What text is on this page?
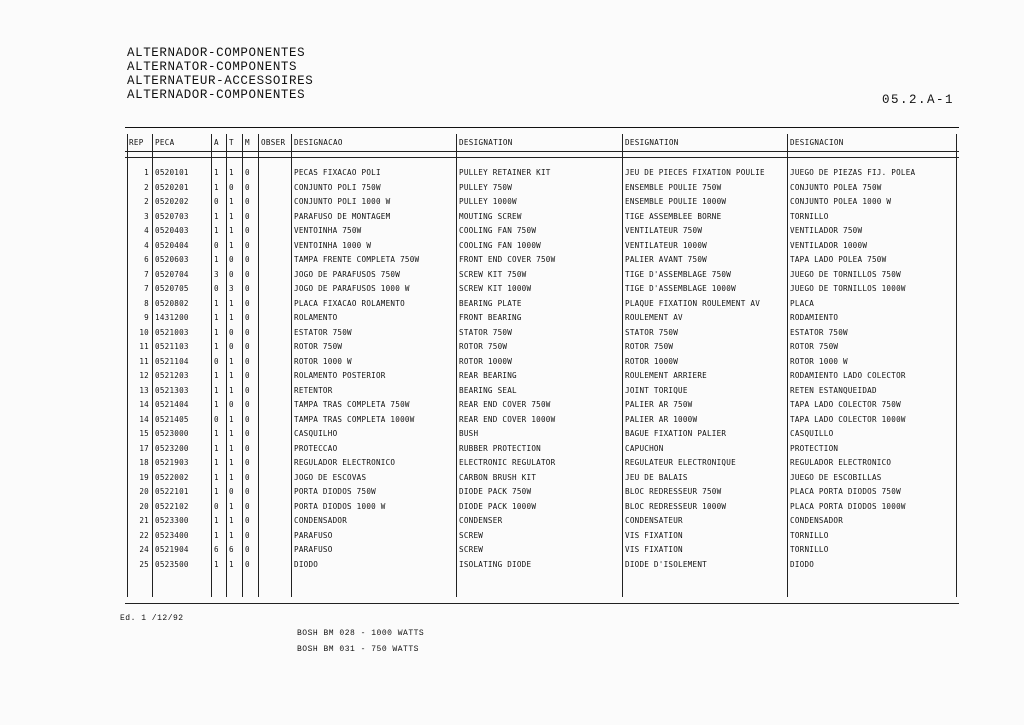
ALTERNADOR-COMPONENTES
ALTERNATOR-COMPONENTS
ALTERNATEUR-ACCESSOIRES
ALTERNADOR-COMPONENTES	05.2.A-1
REP PECA	A T M OBSER DESIGNACAO	DESIGNATION	DESIGNATION	DESIGNACION
1 0520101	1 1 0	PECAS FIXACAO POLI	PULLEY RETAINER KIT	JEU DE PIECES FIXATION POULIE	JUEGO DE PIEZAS FIJ. POLEA
2 0520201	1 0 0	CONJUNTO POLI 750W	PULLEY 750W	ENSEMBLE POULIE 750W	CONJUNTO POLEA 750W
2 0520202	0 1 0	CONJUNTO POLI 1000 W	PULLEY 1000W	ENSEMBLE POULIE 1000W	CONJUNTO POLEA 1000 W
3 0520703	1 1 0	PARAFUSO DE MONTAGEM	MOUTING SCREW	TIGE ASSEMBLEE BORNE	TORNILLO
4 0520403	1 1 0	VENTOINHA 750W	COOLING FAN 750W	VENTILATEUR 750W	VENTILADOR 750W
4 0520404	0 1 0	VENTOINHA 1000 W	COOLING FAN 1000W	VENTILATEUR 1000W	VENTILADOR 1000W
6 0520603	1 0 0	TAMPA FRENTE COMPLETA 750W	FRONT END COVER 750W	PALIER AVANT 750W	TAPA LADO POLEA 750W
7 0520704	3 0 0	JOGO DE PARAFUSOS 750W	SCREW KIT 750W	TIGE D'ASSEMBLAGE 750W	JUEGO DE TORNILLOS 750W
7 0520705	0 3 0	JOGO DE PARAFUSOS 1000 W	SCREW KIT 1000W	TIGE D'ASSEMBLAGE 1000W	JUEGO DE TORNILLOS 1000W
8 0520802	1 1 0	PLACA FIXACAO ROLAMENTO	BEARING PLATE	PLAQUE FIXATION ROULEMENT AV	PLACA
9 1431200	1 1 0	ROLAMENTO	FRONT BEARING	ROULEMENT AV	RODAMIENTO
10 0521003	1 0 0	ESTATOR 750W	STATOR 750W	STATOR 750W	ESTATOR 750W
11 0521103	1 0 0	ROTOR 750W	ROTOR 750W	ROTOR 750W	ROTOR 750W
11 0521104	0 1 0	ROTOR 1000 W	ROTOR 1000W	ROTOR 1000W	ROTOR 1000 W
12 0521203	1 1 0	ROLAMENTO POSTERIOR	REAR BEARING	ROULEMENT ARRIERE	RODAMIENTO LADO COLECTOR
13 0521303	1 1 0	RETENTOR	BEARING SEAL	JOINT TORIQUE	RETEN ESTANQUEIDAD
14 0521404	1 0 0	TAMPA TRAS COMPLETA 750W	REAR END COVER 750W	PALIER AR 750W	TAPA LADO COLECTOR 750W
14 0521405	0 1 0	TAMPA TRAS COMPLETA 1000W	REAR END COVER 1000W	PALIER AR 1000W	TAPA LADO COLECTOR 1000W
15 0523000	1 1 0	CASQUILHO	BUSH	BAGUE FIXATION PALIER	CASQUILLO
17 0523200	1 1 0	PROTECCAO	RUBBER PROTECTION	CAPUCHON	PROTECTION
18 0521903	1 1 0	REGULADOR ELECTRONICO	ELECTRONIC REGULATOR	REGULATEUR ELECTRONIQUE	REGULADOR ELECTRONICO
19 0522002	1 1 0	JOGO DE ESCOVAS	CARBON BRUSH KIT	JEU DE BALAIS	JUEGO DE ESCOBILLAS
20 0522101	1 0 0	PORTA DIODOS 750W	DIODE PACK 750W	BLOC REDRESSEUR 750W	PLACA PORTA DIODOS 750W
20 0522102	0 1 0	PORTA DIODOS 1000 W	DIODE PACK 1000W	BLOC REDRESSEUR 1000W	PLACA PORTA DIODOS 1000W
21 0523300	1 1 0	CONDENSADOR	CONDENSER	CONDENSATEUR	CONDENSADOR
22 0523400	1 1 0	PARAFUSO	SCREW	VIS FIXATION	TORNILLO
24 0521904	6 6 0	PARAFUSO	SCREW	VIS FIXATION	TORNILLO
25 0523500	1 1 0	DIODO	ISOLATING DIODE	DIODE D'ISOLEMENT	DIODO
Ed. 1 /12/92
BOSH BM 028 - 1000 WATTS
BOSH BM 031 - 750 WATTS
